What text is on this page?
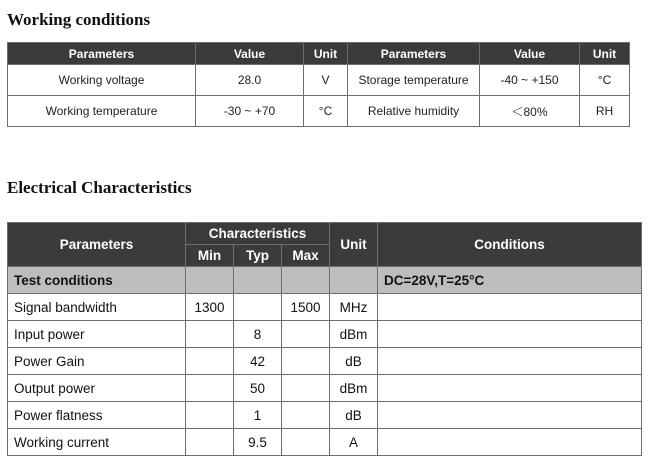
Working conditions
Parameters	Value	Unit	Parameters	Value	Unit
Working voltage	28.0	V	Storage temperature	-40 ~ +150	°C
Working temperature	-30 ~ +70	°C	Relative humidity	＜80%	RH
Electrical Characteristics
Parameters	Characteristics			Unit	Conditions
	Min	Typ	Max		
Test conditions					DC=28V,T=25°C
Signal bandwidth	1300		1500	MHz	
Input power		8		dBm	
Power Gain		42		dB	
Output power		50		dBm	
Power flatness		1		dB	
Working current		9.5		A	
